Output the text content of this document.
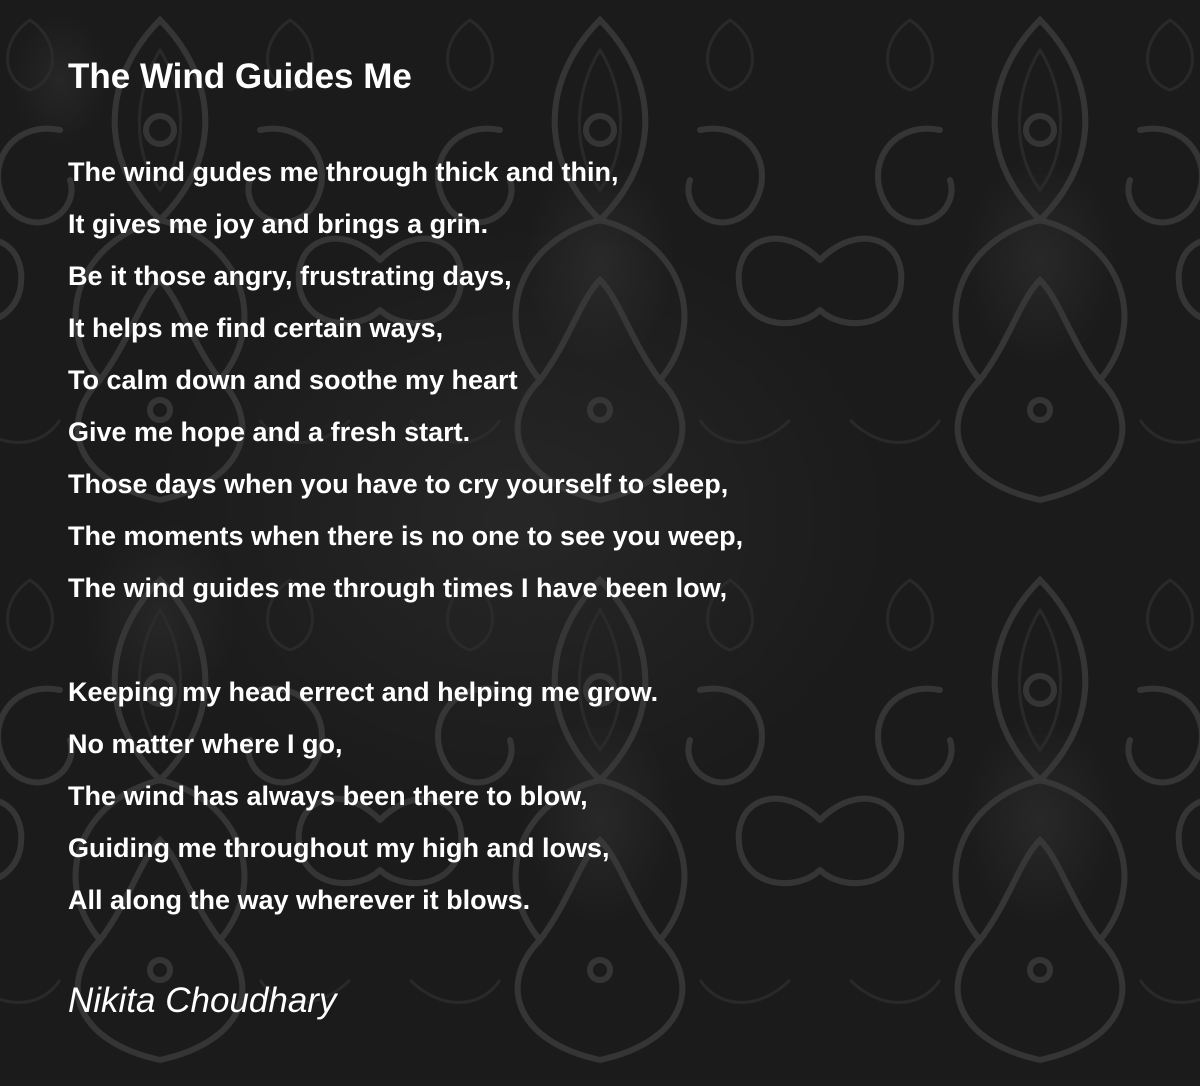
The Wind Guides Me
The wind gudes me through thick and thin,
It gives me joy and brings a grin.
Be it those angry, frustrating days,
It helps me find certain ways,
To calm down and soothe my heart
Give me hope and a fresh start.
Those days when you have to cry yourself to sleep,
The moments when there is no one to see you weep,
The wind guides me through times I have been low,
Keeping my head errect and helping me grow.
No matter where I go,
The wind has always been there to blow,
Guiding me throughout my high and lows,
All along the way wherever it blows.
Nikita Choudhary
